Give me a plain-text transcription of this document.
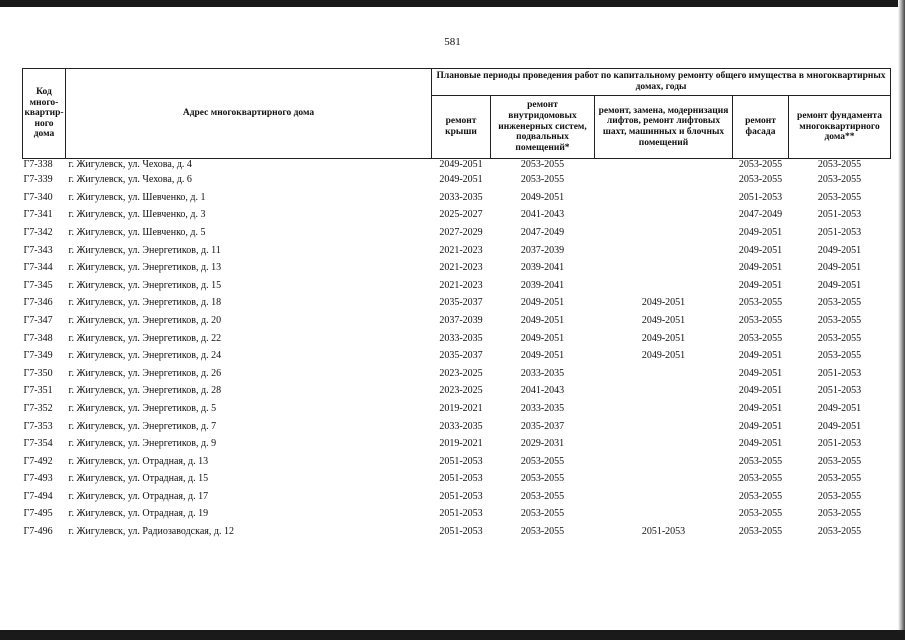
581
Код много-квартир-ного дома	Адрес многоквартирного дома	Плановые периоды проведения работ по капитальному ремонту общего имущества в многоквартирных домах, годы				
		ремонт крыши	ремонт внутридомовых инженерных систем, подвальных помещений*	ремонт, замена, модернизация лифтов, ремонт лифтовых шахт, машинных и блочных помещений	ремонт фасада	ремонт фундамента многоквартирного дома**
Г7-338	г. Жигулевск, ул. Чехова, д. 4	2049-2051	2053-2055		2053-2055	2053-2055
Г7-339	г. Жигулевск, ул. Чехова, д. 6	2049-2051	2053-2055		2053-2055	2053-2055
Г7-340	г. Жигулевск, ул. Шевченко, д. 1	2033-2035	2049-2051		2051-2053	2053-2055
Г7-341	г. Жигулевск, ул. Шевченко, д. 3	2025-2027	2041-2043		2047-2049	2051-2053
Г7-342	г. Жигулевск, ул. Шевченко, д. 5	2027-2029	2047-2049		2049-2051	2051-2053
Г7-343	г. Жигулевск, ул. Энергетиков, д. 11	2021-2023	2037-2039		2049-2051	2049-2051
Г7-344	г. Жигулевск, ул. Энергетиков, д. 13	2021-2023	2039-2041		2049-2051	2049-2051
Г7-345	г. Жигулевск, ул. Энергетиков, д. 15	2021-2023	2039-2041		2049-2051	2049-2051
Г7-346	г. Жигулевск, ул. Энергетиков, д. 18	2035-2037	2049-2051	2049-2051	2053-2055	2053-2055
Г7-347	г. Жигулевск, ул. Энергетиков, д. 20	2037-2039	2049-2051	2049-2051	2053-2055	2053-2055
Г7-348	г. Жигулевск, ул. Энергетиков, д. 22	2033-2035	2049-2051	2049-2051	2053-2055	2053-2055
Г7-349	г. Жигулевск, ул. Энергетиков, д. 24	2035-2037	2049-2051	2049-2051	2049-2051	2053-2055
Г7-350	г. Жигулевск, ул. Энергетиков, д. 26	2023-2025	2033-2035		2049-2051	2051-2053
Г7-351	г. Жигулевск, ул. Энергетиков, д. 28	2023-2025	2041-2043		2049-2051	2051-2053
Г7-352	г. Жигулевск, ул. Энергетиков, д. 5	2019-2021	2033-2035		2049-2051	2049-2051
Г7-353	г. Жигулевск, ул. Энергетиков, д. 7	2033-2035	2035-2037		2049-2051	2049-2051
Г7-354	г. Жигулевск, ул. Энергетиков, д. 9	2019-2021	2029-2031		2049-2051	2051-2053
Г7-492	г. Жигулевск, ул. Отрадная, д. 13	2051-2053	2053-2055		2053-2055	2053-2055
Г7-493	г. Жигулевск, ул. Отрадная, д. 15	2051-2053	2053-2055		2053-2055	2053-2055
Г7-494	г. Жигулевск, ул. Отрадная, д. 17	2051-2053	2053-2055		2053-2055	2053-2055
Г7-495	г. Жигулевск, ул. Отрадная, д. 19	2051-2053	2053-2055		2053-2055	2053-2055
Г7-496	г. Жигулевск, ул. Радиозаводская, д. 12	2051-2053	2053-2055	2051-2053	2053-2055	2053-2055
